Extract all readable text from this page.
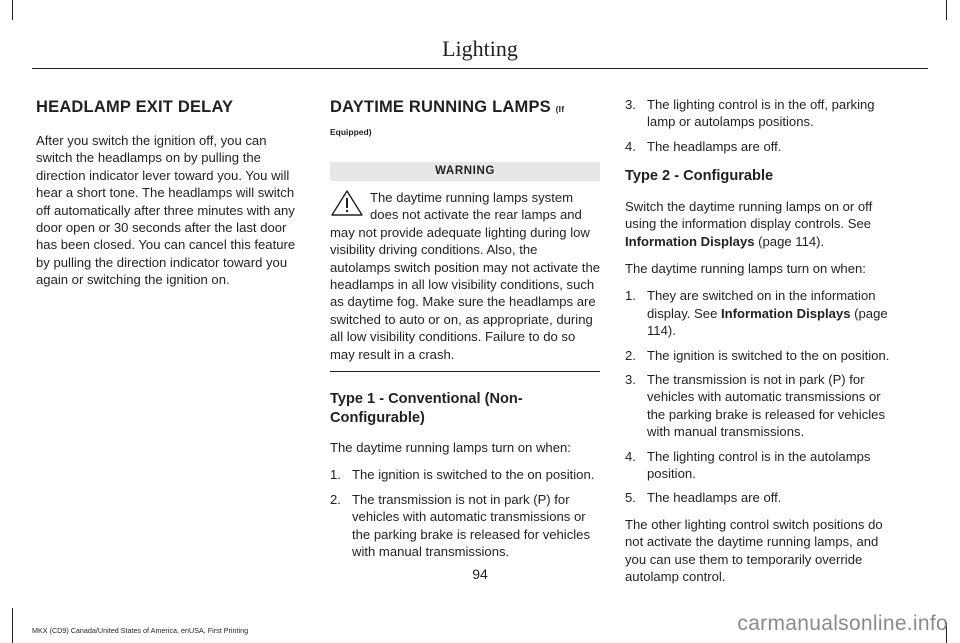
Lighting
HEADLAMP EXIT DELAY

After you switch the ignition off, you can switch the headlamps on by pulling the direction indicator lever toward you. You will hear a short tone. The headlamps will switch off automatically after three minutes with any door open or 30 seconds after the last door has been closed. You can cancel this feature by pulling the direction indicator toward you again or switching the ignition on.

DAYTIME RUNNING LAMPS (If
Equipped)
WARNING
The daytime running lamps system does not activate the rear lamps and may not provide adequate lighting during low visibility driving conditions. Also, the autolamps switch position may not activate the headlamps in all low visibility conditions, such as daytime fog. Make sure the headlamps are switched to auto or on, as appropriate, during all low visibility conditions. Failure to do so may result in a crash.
Type 1 - Conventional (Non-Configurable)

The daytime running lamps turn on when:

1. The ignition is switched to the on position.
2. The transmission is not in park (P) for vehicles with automatic transmissions or the parking brake is released for vehicles with manual transmissions.
3. The lighting control is in the off, parking lamp or autolamps positions.
4. The headlamps are off.
Type 2 - Configurable

Switch the daytime running lamps on or off using the information display controls. See Information Displays (page 114).

The daytime running lamps turn on when:

1. They are switched on in the information display. See Information Displays (page 114).
2. The ignition is switched to the on position.
3. The transmission is not in park (P) for vehicles with automatic transmissions or the parking brake is released for vehicles with manual transmissions.
4. The lighting control is in the autolamps position.
5. The headlamps are off.

The other lighting control switch positions do not activate the daytime running lamps, and you can use them to temporarily override autolamp control.

94
MKX (CD9) Canada/United States of America, enUSA, First Printing	carmanualsonline.info
